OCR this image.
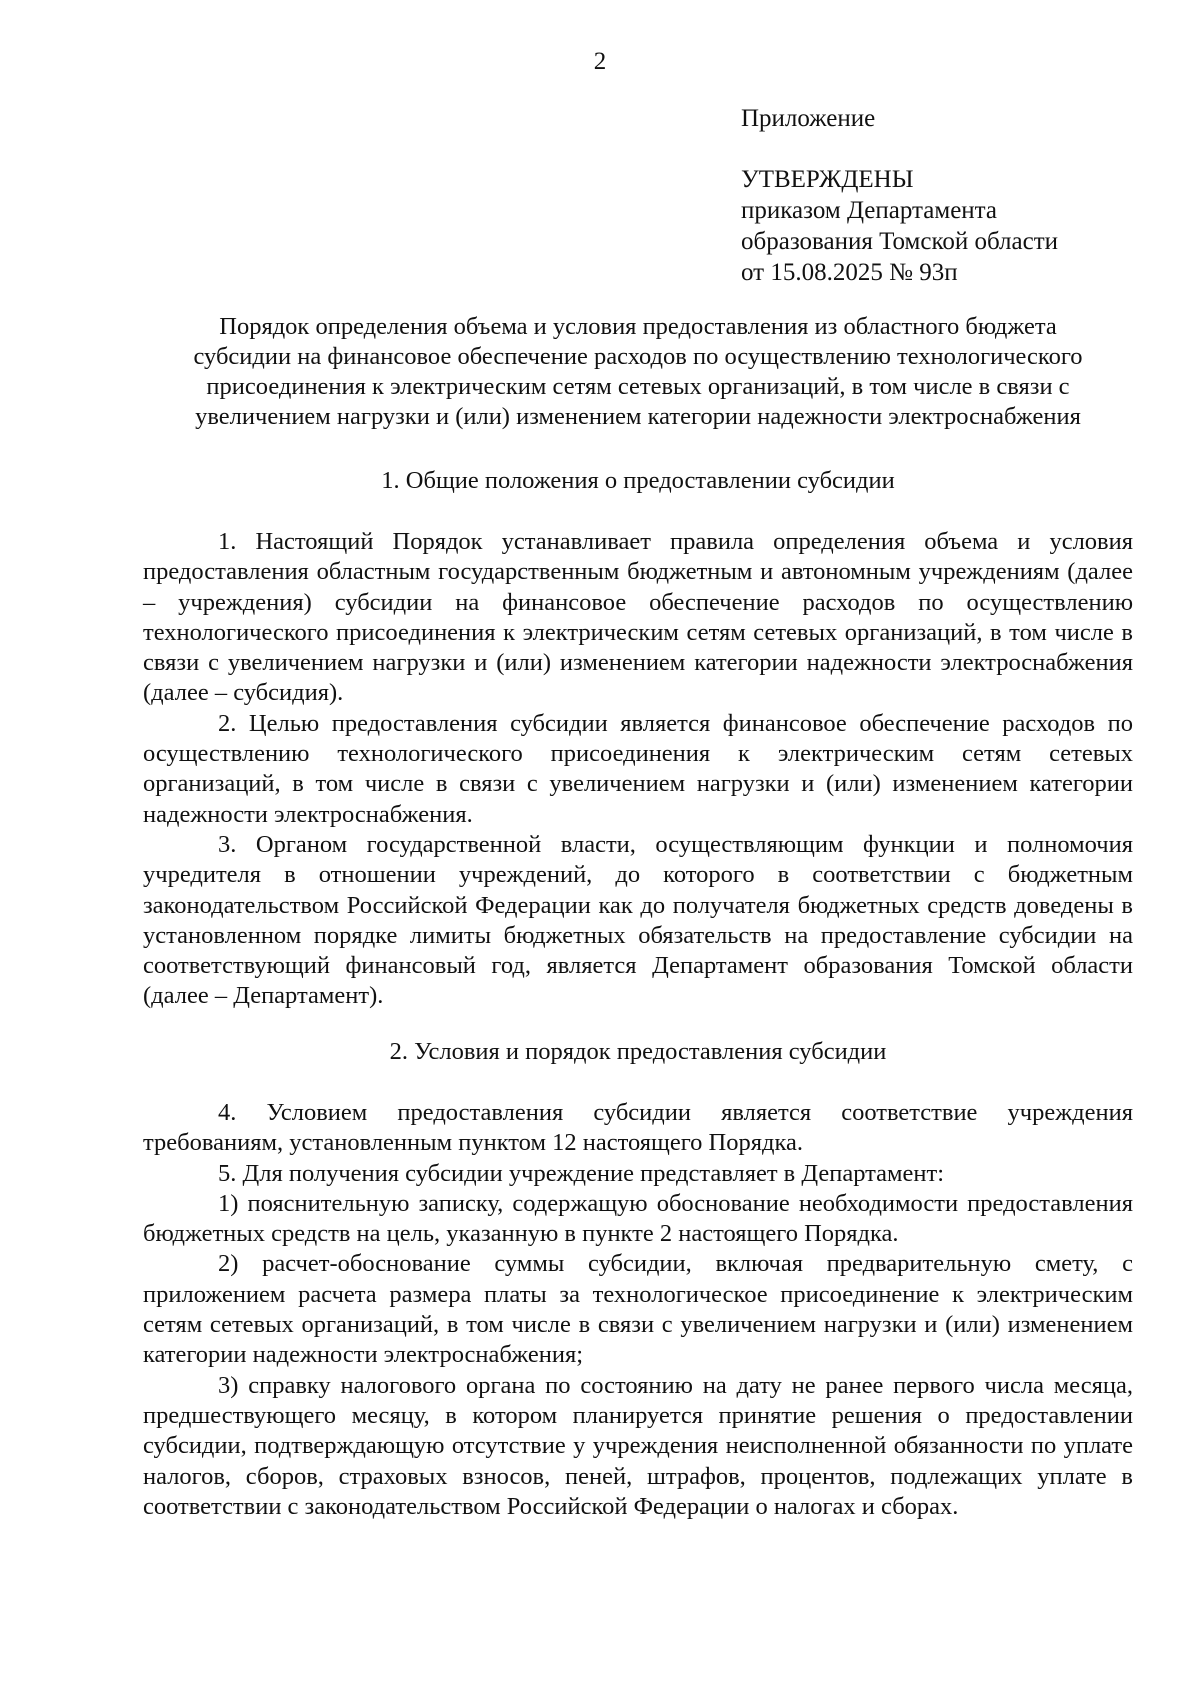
2
Приложение
УТВЕРЖДЕНЫ
приказом Департамента
образования Томской области
от 15.08.2025 № 93п
Порядок определения объема и условия предоставления из областного бюджета
субсидии на финансовое обеспечение расходов по осуществлению технологического
присоединения к электрическим сетям сетевых организаций, в том числе в связи с
увеличением нагрузки и (или) изменением категории надежности электроснабжения
1. Общие положения о предоставлении субсидии

1. Настоящий Порядок устанавливает правила определения объема и условия предоставления областным государственным бюджетным и автономным учреждениям (далее – учреждения) субсидии на финансовое обеспечение расходов по осуществлению технологического присоединения к электрическим сетям сетевых организаций, в том числе в связи с увеличением нагрузки и (или) изменением категории надежности электроснабжения (далее – субсидия).

2. Целью предоставления субсидии является финансовое обеспечение расходов по осуществлению технологического присоединения к электрическим сетям сетевых организаций, в том числе в связи с увеличением нагрузки и (или) изменением категории надежности электроснабжения.

3. Органом государственной власти, осуществляющим функции и полномочия учредителя в отношении учреждений, до которого в соответствии с бюджетным законодательством Российской Федерации как до получателя бюджетных средств доведены в установленном порядке лимиты бюджетных обязательств на предоставление субсидии на соответствующий финансовый год, является Департамент образования Томской области (далее – Департамент).

2. Условия и порядок предоставления субсидии

4. Условием предоставления субсидии является соответствие учреждения требованиям, установленным пунктом 12 настоящего Порядка.

5. Для получения субсидии учреждение представляет в Департамент:

1) пояснительную записку, содержащую обоснование необходимости предоставления бюджетных средств на цель, указанную в пункте 2 настоящего Порядка.

2) расчет-обоснование суммы субсидии, включая предварительную смету, с приложением расчета размера платы за технологическое присоединение к электрическим сетям сетевых организаций, в том числе в связи с увеличением нагрузки и (или) изменением категории надежности электроснабжения;

3) справку налогового органа по состоянию на дату не ранее первого числа месяца, предшествующего месяцу, в котором планируется принятие решения о предоставлении субсидии, подтверждающую отсутствие у учреждения неисполненной обязанности по уплате налогов, сборов, страховых взносов, пеней, штрафов, процентов, подлежащих уплате в соответствии с законодательством Российской Федерации о налогах и сборах.
